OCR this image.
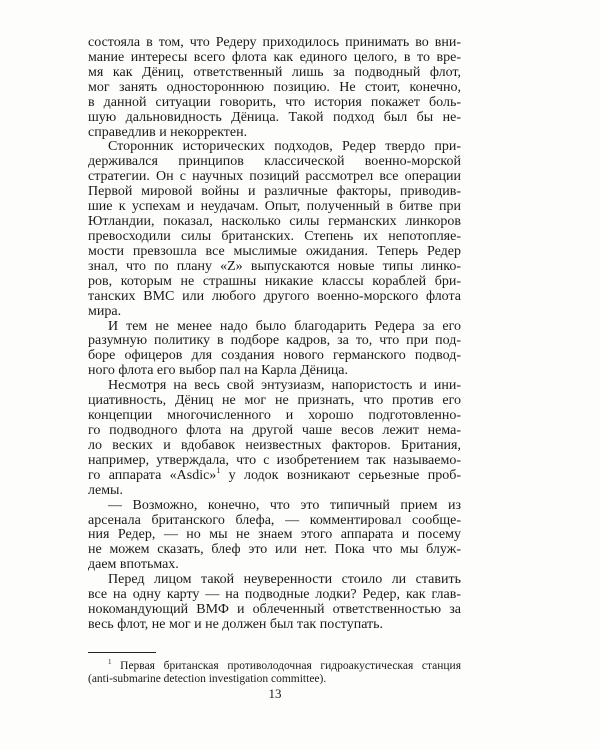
состояла в том, что Редеру приходилось принимать во вни-
мание интересы всего флота как единого целого, в то вре-
мя как Дёниц, ответственный лишь за подводный флот,
мог занять одностороннюю позицию. Не стоит, конечно,
в данной ситуации говорить, что история покажет боль-
шую дальновидность Дёница. Такой подход был бы не-
справедлив и некорректен.
Сторонник исторических подходов, Редер твердо при-
держивался принципов классической военно-морской
стратегии. Он с научных позиций рассмотрел все операции
Первой мировой войны и различные факторы, приводив-
шие к успехам и неудачам. Опыт, полученный в битве при
Ютландии, показал, насколько силы германских линкоров
превосходили силы британских. Степень их непотопляе-
мости превзошла все мыслимые ожидания. Теперь Редер
знал, что по плану «Z» выпускаются новые типы линко-
ров, которым не страшны никакие классы кораблей бри-
танских ВМС или любого другого военно-морского флота
мира.
И тем не менее надо было благодарить Редера за его
разумную политику в подборе кадров, за то, что при под-
боре офицеров для создания нового германского подвод-
ного флота его выбор пал на Карла Дёница.
Несмотря на весь свой энтузиазм, напористость и ини-
циативность, Дёниц не мог не признать, что против его
концепции многочисленного и хорошо подготовленно-
го подводного флота на другой чаше весов лежит нема-
ло веских и вдобавок неизвестных факторов. Британия,
например, утверждала, что с изобретением так называемо-
го аппарата «Asdic»$^1$ у лодок возникают серьезные проб-
лемы.
— Возможно, конечно, что это типичный прием из
арсенала британского блефа, — комментировал сообще-
ния Редер, — но мы не знаем этого аппарата и посему
не можем сказать, блеф это или нет. Пока что мы блуж-
даем впотьмах.
Перед лицом такой неуверенности стоило ли ставить
все на одну карту — на подводные лодки? Редер, как глав-
нокомандующий ВМФ и облеченный ответственностью за
весь флот, не мог и не должен был так поступать.
$^1$ Первая британская противолодочная гидроакустическая станция
(anti-submarine detection investigation committee).
13
